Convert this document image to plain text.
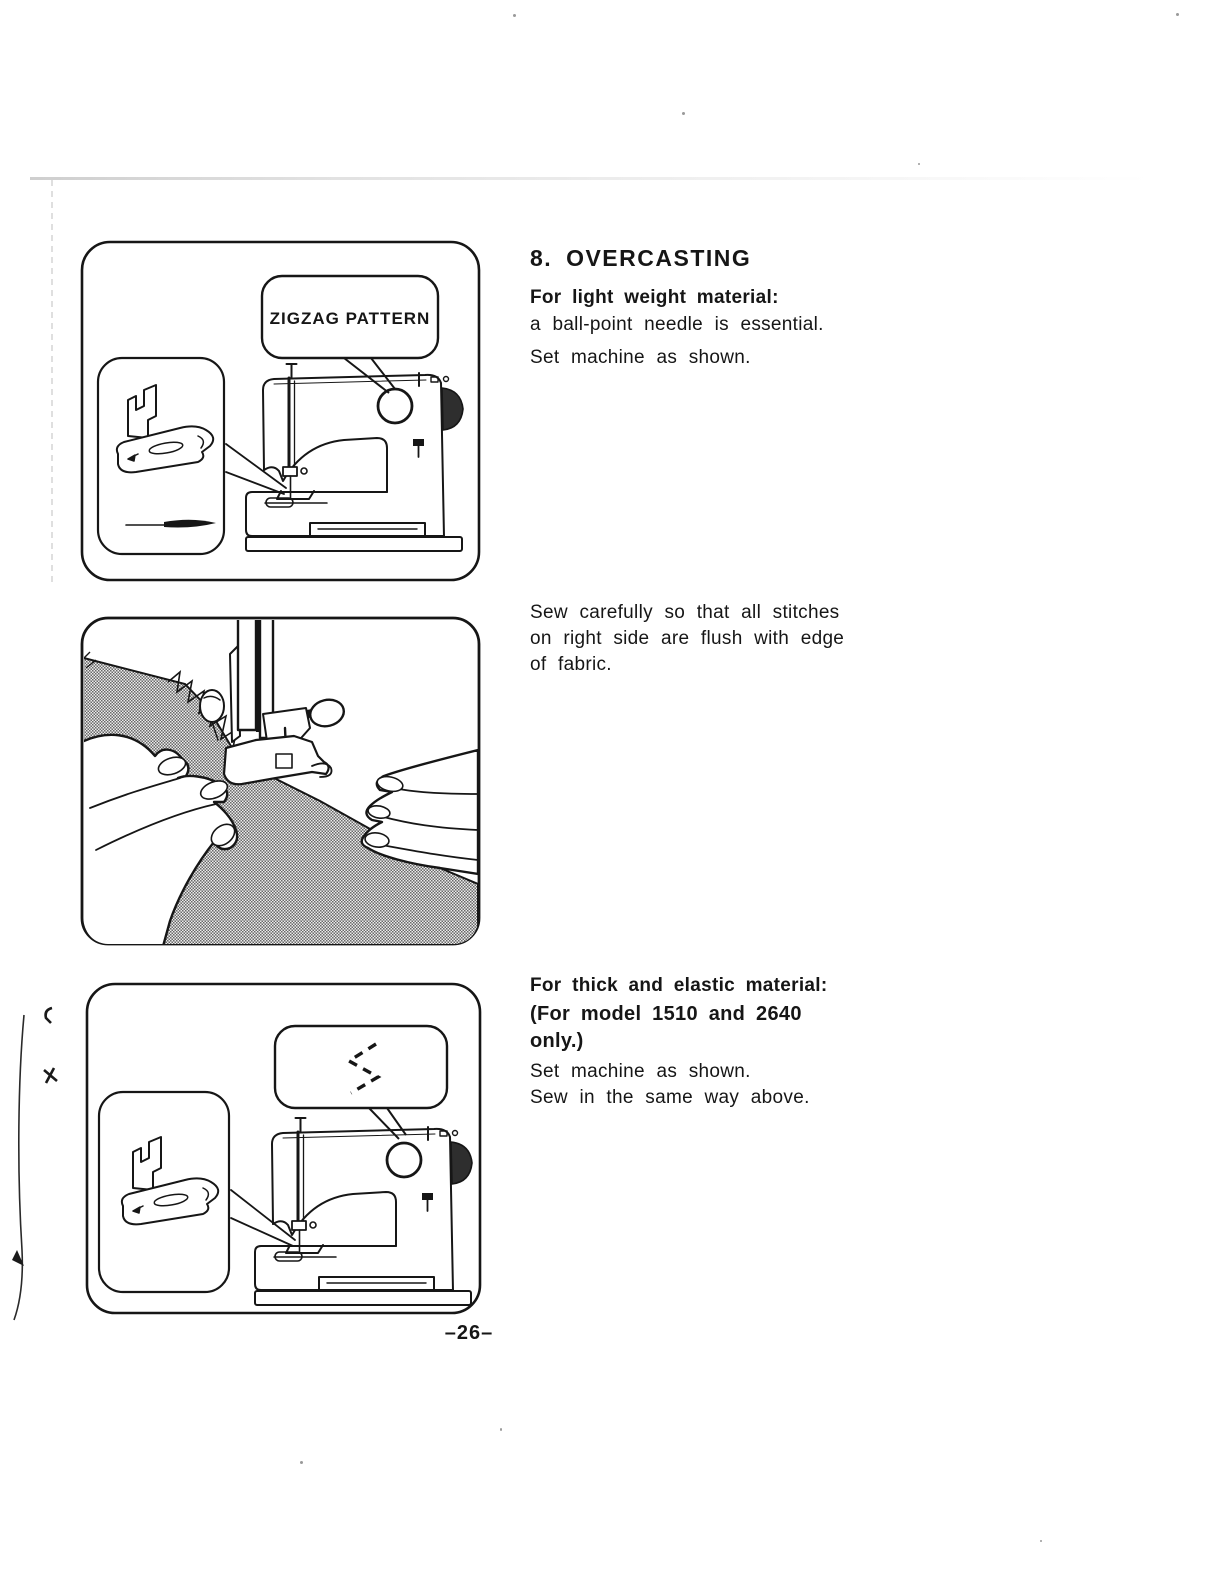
8. OVERCASTING

For light weight material:

a ball-point needle is essential.

Set machine as shown.

Sew carefully so that all stitches

on right side are flush with edge

of fabric.

For thick and elastic material:

(For model 1510 and 2640

only.)

Set machine as shown.

Sew in the same way above.

–26–
ZIGZAG PATTERN
